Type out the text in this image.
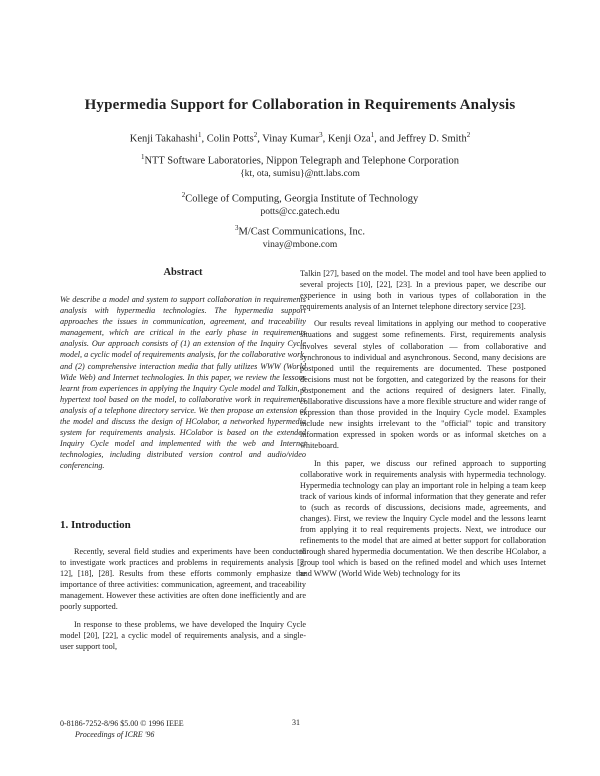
Hypermedia Support for Collaboration in Requirements Analysis
Kenji Takahashi$^1$, Colin Potts$^2$, Vinay Kumar$^3$, Kenji Oza$^1$, and Jeffrey D. Smith$^2$
$^1$NTT Software Laboratories, Nippon Telegraph and Telephone Corporation
{kt, ota, sumisu}@ntt.labs.com
$^2$College of Computing, Georgia Institute of Technology
potts@cc.gatech.edu
$^3$M/Cast Communications, Inc.
vinay@mbone.com
Abstract

We describe a model and system to support collaboration in requirements analysis with hypermedia technologies. The hypermedia support approaches the issues in communication, agreement, and traceability management, which are critical in the early phase in requirements analysis. Our approach consists of (1) an extension of the Inquiry Cycle model, a cyclic model of requirements analysis, for the collaborative work, and (2) comprehensive interaction media that fully utilizes WWW (World Wide Web) and Internet technologies. In this paper, we review the lessons learnt from experiences in applying the Inquiry Cycle model and Talkin, a hypertext tool based on the model, to collaborative work in requirements analysis of a telephone directory service. We then propose an extension of the model and discuss the design of HColabor, a networked hypermedia system for requirements analysis. HColabor is based on the extended Inquiry Cycle model and implemented with the web and Internet technologies, including distributed version control and audio/video conferencing.

1. Introduction

Recently, several field studies and experiments have been conducted to investigate work practices and problems in requirements analysis [7, 12], [18], [28]. Results from these efforts commonly emphasize the importance of three activities: communication, agreement, and traceability management. However these activities are often done inefficiently and are poorly supported.

In response to these problems, we have developed the Inquiry Cycle model [20], [22], a cyclic model of requirements analysis, and a single-user support tool,

Talkin [27], based on the model. The model and tool have been applied to several projects [10], [22], [23]. In a previous paper, we describe our experience in using both in various types of collaboration in the requirements analysis of an Internet telephone directory service [23].

Our results reveal limitations in applying our method to cooperative situations and suggest some refinements. First, requirements analysis involves several styles of collaboration — from collaborative and synchronous to individual and asynchronous. Second, many decisions are postponed until the requirements are documented. These postponed decisions must not be forgotten, and categorized by the reasons for their postponement and the actions required of designers later. Finally, collaborative discussions have a more flexible structure and wider range of expression than those provided in the Inquiry Cycle model. Examples include new insights irrelevant to the "official" topic and transitory information expressed in spoken words or as informal sketches on a whiteboard.

In this paper, we discuss our refined approach to supporting collaborative work in requirements analysis with hypermedia technology. Hypermedia technology can play an important role in helping a team keep track of various kinds of informal information that they generate and refer to (such as records of discussions, decisions made, agreements, and changes). First, we review the Inquiry Cycle model and the lessons learnt from applying it to real requirements projects. Next, we introduce our refinements to the model that are aimed at better support for collaboration through shared hypermedia documentation. We then describe HColabor, a group tool which is based on the refined model and which uses Internet and WWW (World Wide Web) technology for its

0-8186-7252-8/96 $5.00 © 1996 IEEE
Proceedings of ICRE '96
31
